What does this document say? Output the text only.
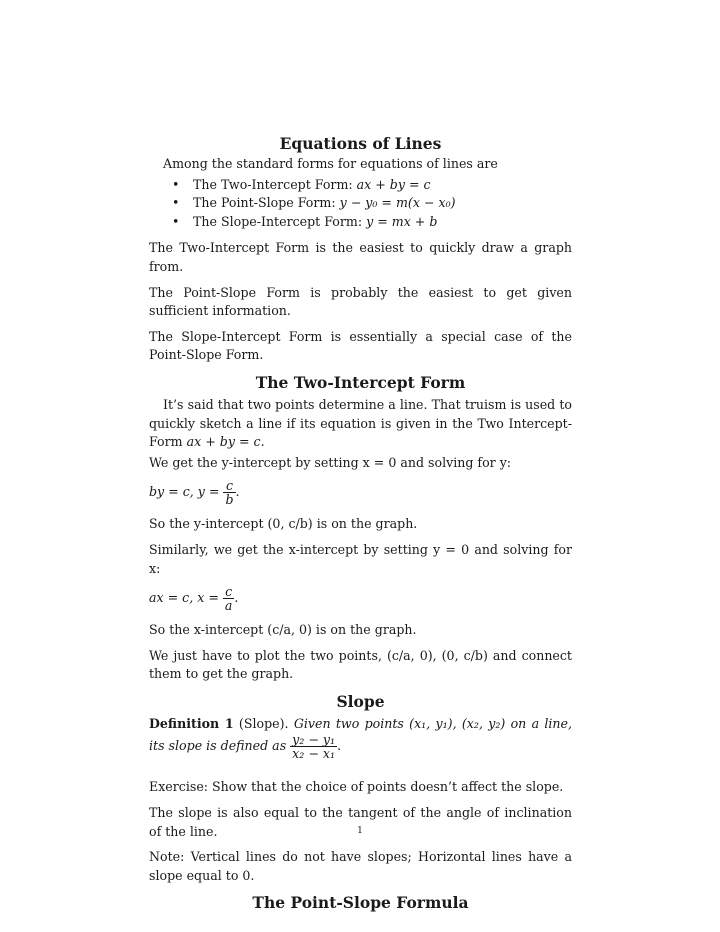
Equations of Lines

Among the standard forms for equations of lines are

• The Two-Intercept Form: ax + by = c
• The Point-Slope Form: y − y₀ = m(x − x₀)
• The Slope-Intercept Form: y = mx + b

The Two-Intercept Form is the easiest to quickly draw a graph from.

The Point-Slope Form is probably the easiest to get given sufficient information.

The Slope-Intercept Form is essentially a special case of the Point-Slope Form.

The Two-Intercept Form

It’s said that two points determine a line. That truism is used to quickly sketch a line if its equation is given in the Two Intercept-Form ax + by = c.

We get the y-intercept by setting x = 0 and solving for y:

by = c, $y = \frac{c}{b}$ .

So the y-intercept (0, c/b) is on the graph.

Similarly, we get the x-intercept by setting y = 0 and solving for x:

ax = c, $x = \frac{c}{a}$ .

So the x-intercept (c/a, 0) is on the graph.

We just have to plot the two points, (c/a, 0), (0, c/b) and connect them to get the graph.

Slope

Definition 1 (Slope). Given two points (x₁, y₁), (x₂, y₂) on a line, its slope is defined as $\frac{\text{y₂ − y₁}}{\text{x₂ − x₁}}$ .

Exercise: Show that the choice of points doesn’t affect the slope.

The slope is also equal to the tangent of the angle of inclination of the line.

Note: Vertical lines do not have slopes; Horizontal lines have a slope equal to 0.

The Point-Slope Formula
1
